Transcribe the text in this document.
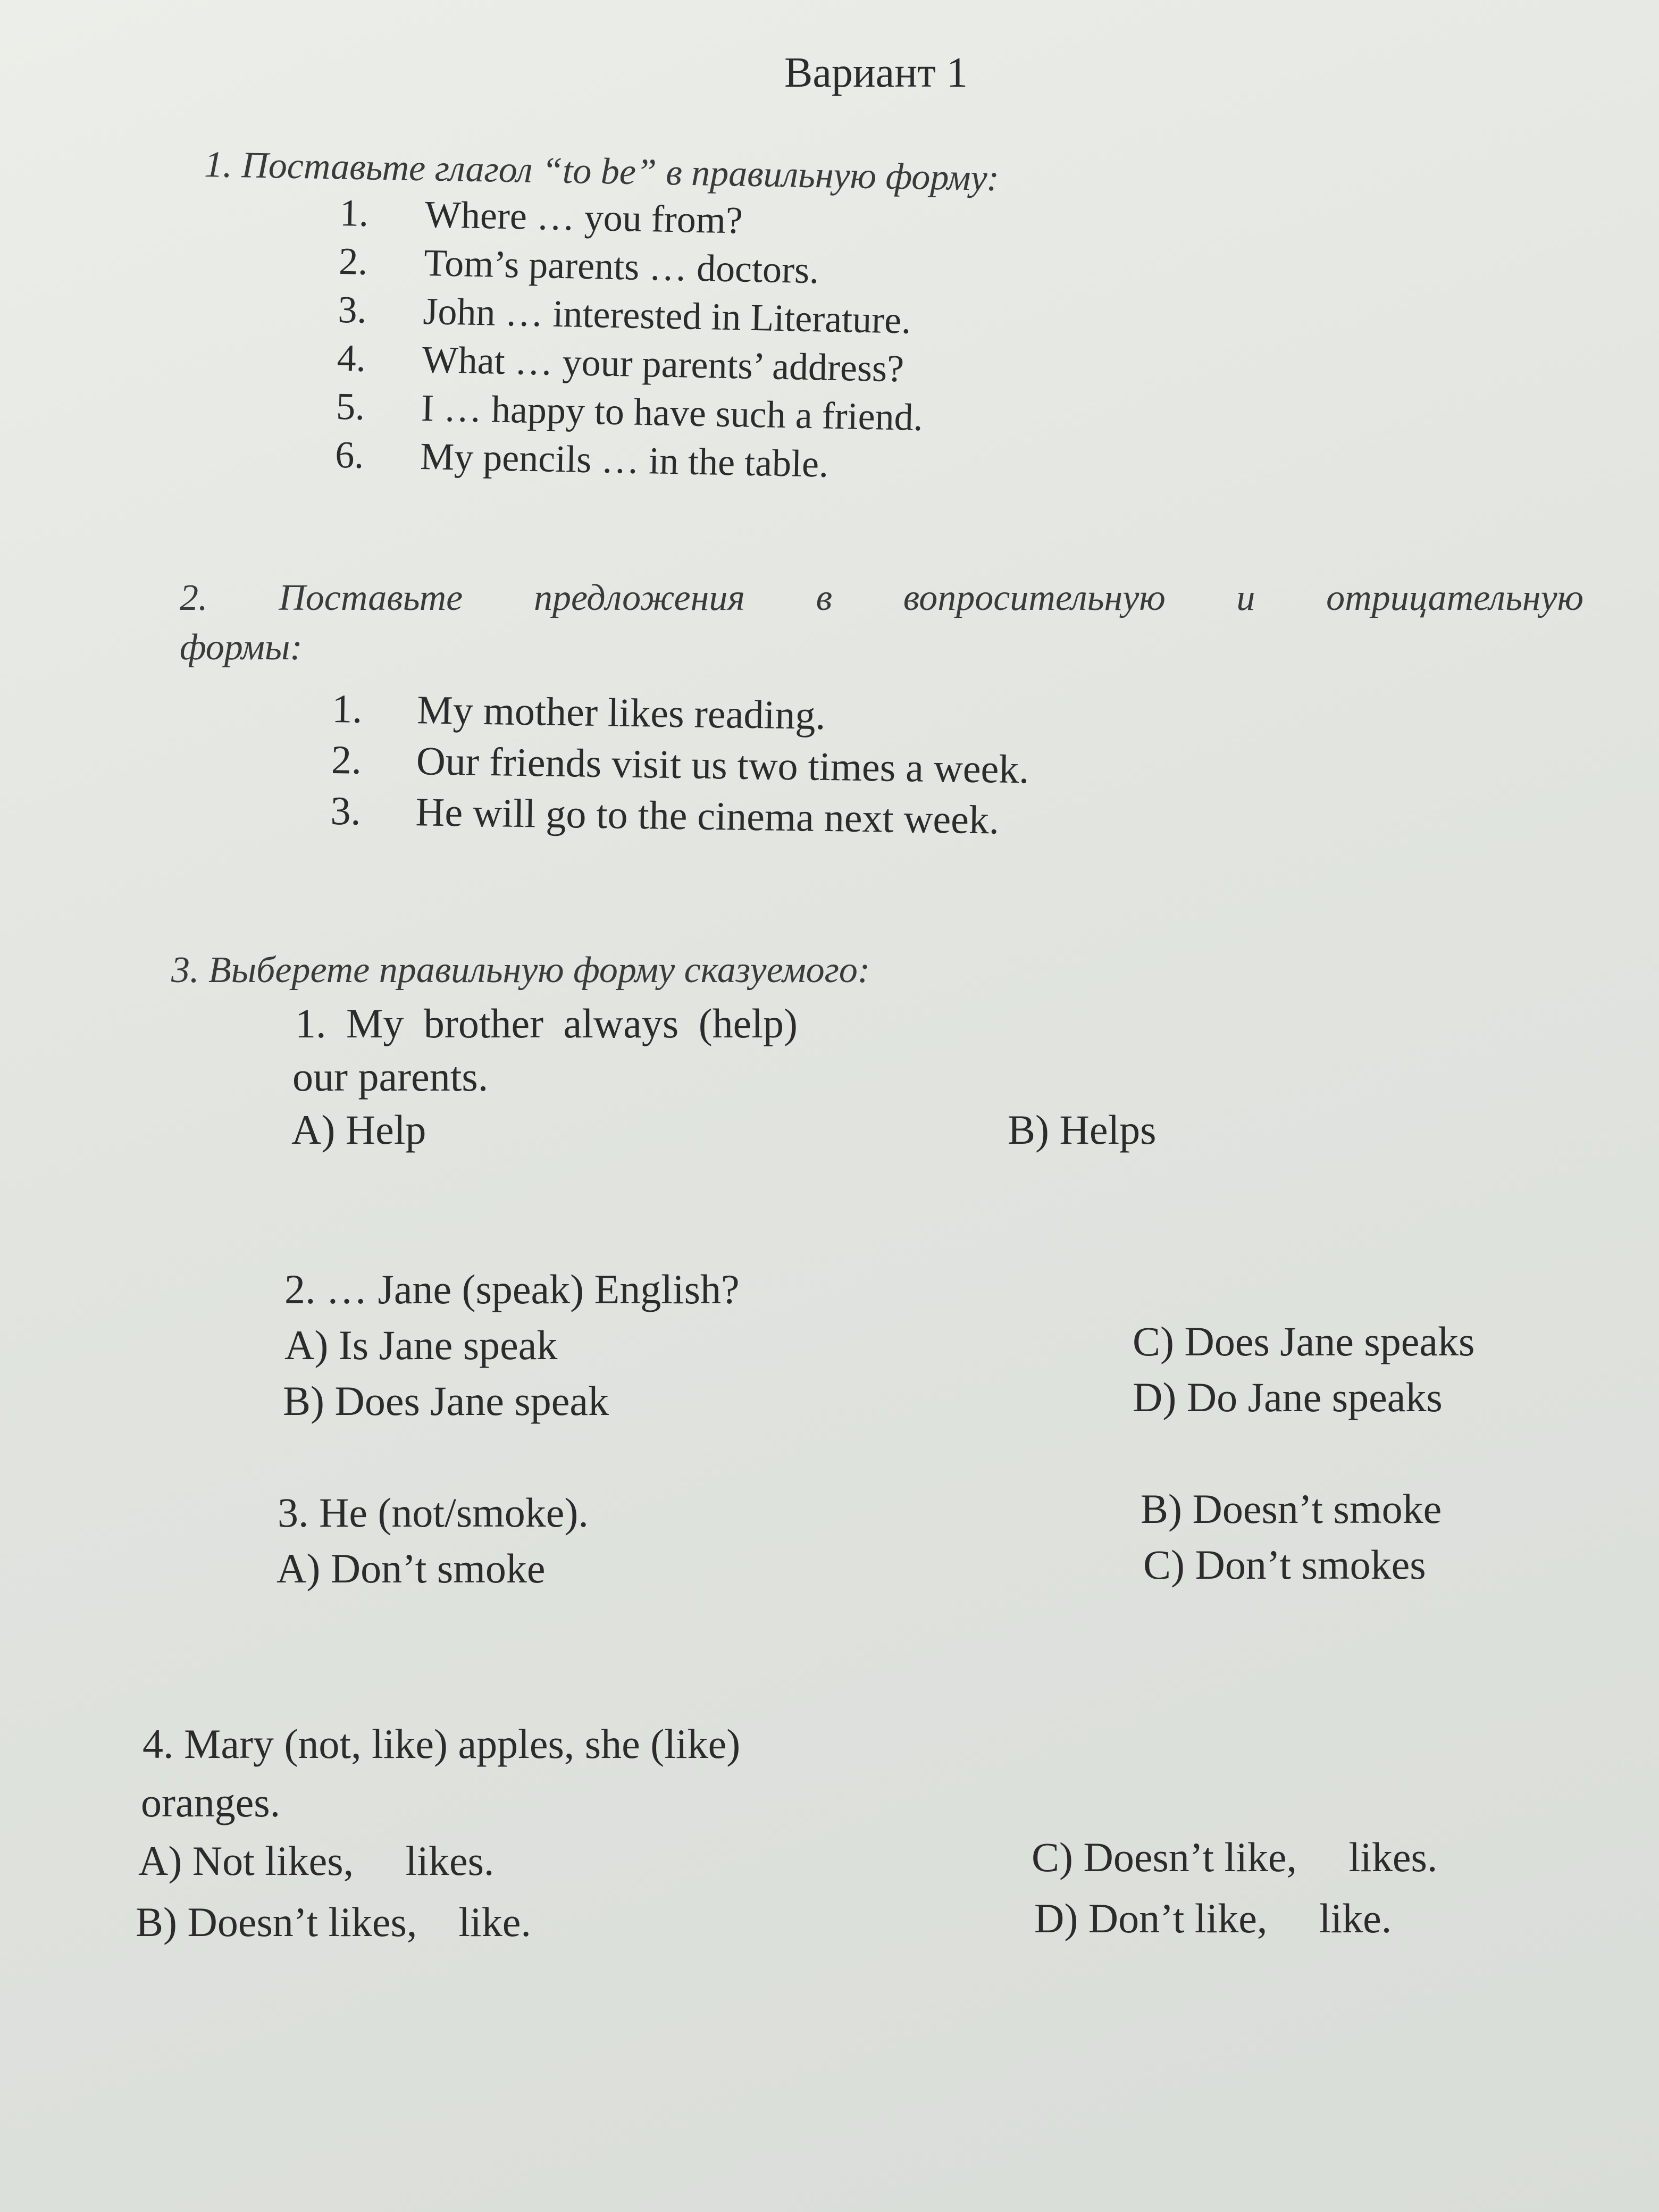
Вариант 1
1. Поставьте глагол “to be” в правильную форму:
1.	Where … you from?
2.	Tom’s parents … doctors.
3.	John … interested in Literature.
4.	What … your parents’ address?
5.	I … happy to have such a friend.
6.	My pencils … in the table.
2. Поставьте предложения в вопросительную и отрицательную
формы:
1.	My mother likes reading.
2.	Our friends visit us two times a week.
3.	He will go to the cinema next week.
3. Выберете правильную форму сказуемого:
1. My brother always (help)
our parents.
A) Help	B) Helps
2. … Jane (speak) English?
A) Is Jane speak
B) Does Jane speak
C) Does Jane speaks
D) Do Jane speaks
3. He (not/smoke).
A) Don’t smoke
B) Doesn’t smoke
C) Don’t smokes
4. Mary (not, like) apples, she (like)
oranges.
A) Not likes,     likes.
B) Doesn’t likes,    like.
C) Doesn’t like,     likes.
D) Don’t like,     like.
